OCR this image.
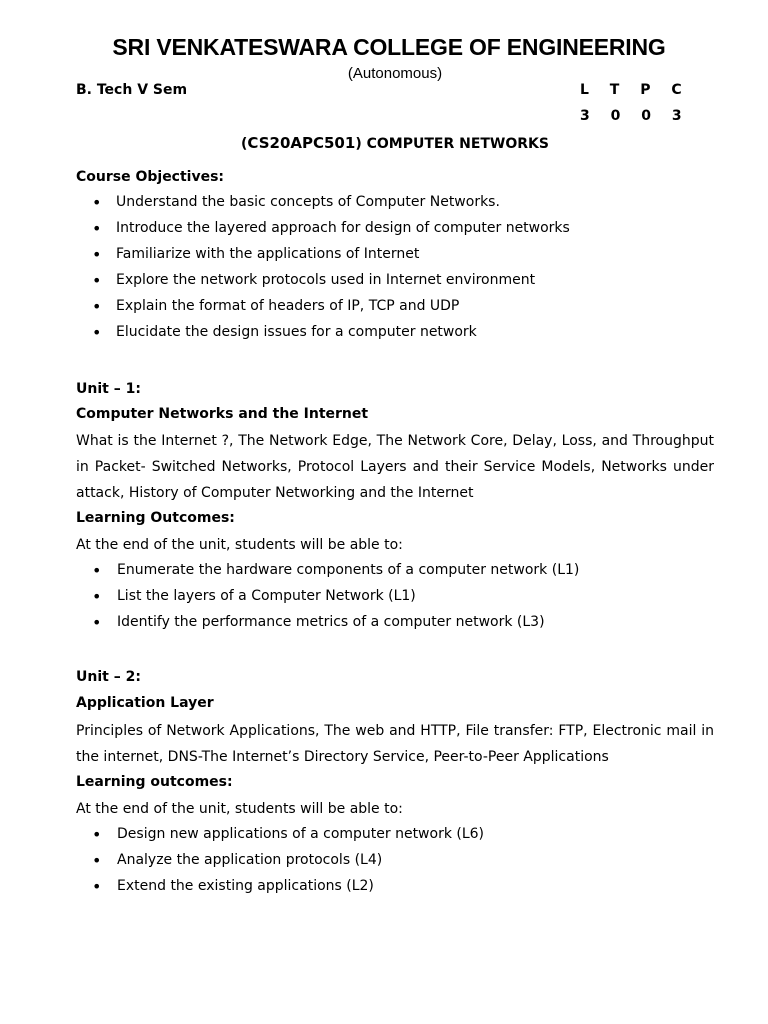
SRI VENKATESWARA COLLEGE OF ENGINEERING
(Autonomous)
B. Tech V Sem	L T P C
3 0 0 3
(CS20APC501) COMPUTER NETWORKS
Course Objectives:
• Understand the basic concepts of Computer Networks.
• Introduce the layered approach for design of computer networks
• Familiarize with the applications of Internet
• Explore the network protocols used in Internet environment
• Explain the format of headers of IP, TCP and UDP
• Elucidate the design issues for a computer network
Unit – 1:
Computer Networks and the Internet
What is the Internet ?, The Network Edge, The Network Core, Delay, Loss, and Throughput in Packet- Switched Networks, Protocol Layers and their Service Models, Networks under attack, History of Computer Networking and the Internet
Learning Outcomes:
At the end of the unit, students will be able to:
• Enumerate the hardware components of a computer network (L1)
• List the layers of a Computer Network (L1)
• Identify the performance metrics of a computer network (L3)
Unit – 2:
Application Layer
Principles of Network Applications, The web and HTTP, File transfer: FTP, Electronic mail in the internet, DNS-The Internet’s Directory Service, Peer-to-Peer Applications
Learning outcomes:
At the end of the unit, students will be able to:
• Design new applications of a computer network (L6)
• Analyze the application protocols (L4)
• Extend the existing applications (L2)
